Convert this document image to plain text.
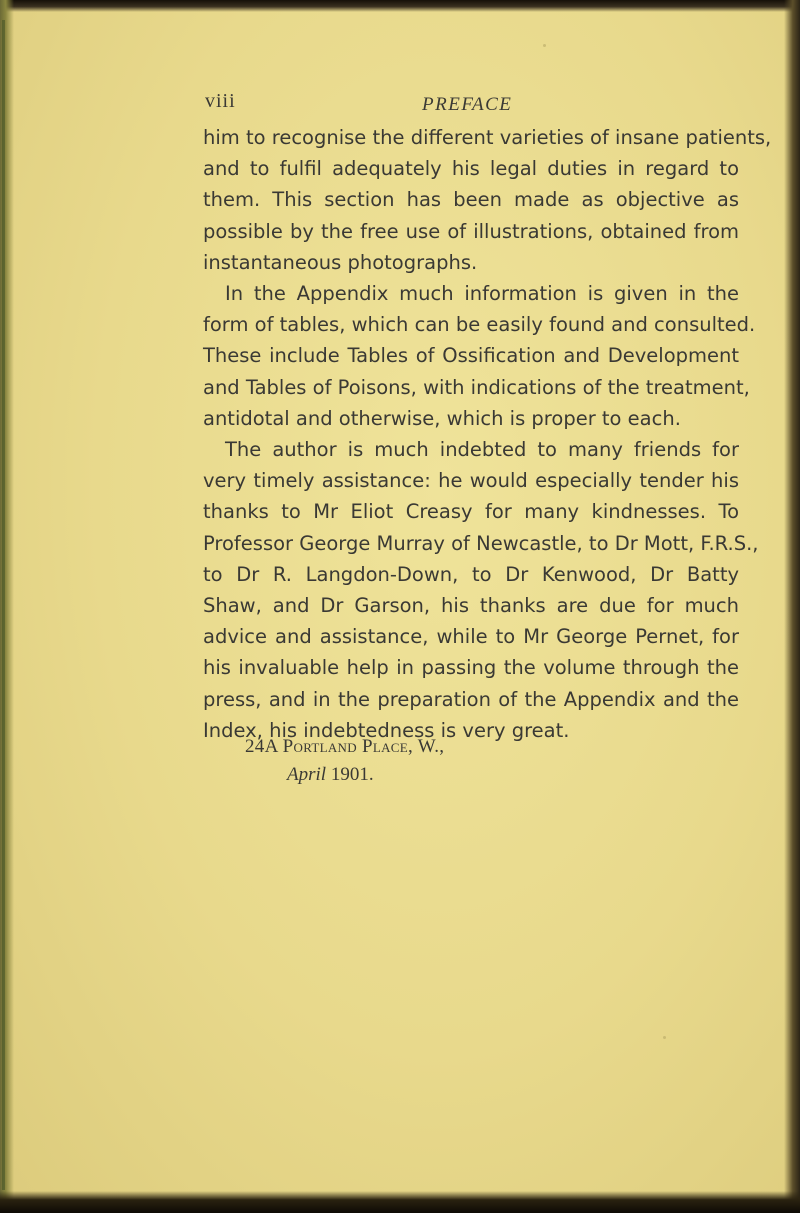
viii	PREFACE

him to recognise the different varieties of insane patients,
and to fulfil adequately his legal duties in regard to
them. This section has been made as objective as
possible by the free use of illustrations, obtained from
instantaneous photographs.

In the Appendix much information is given in the
form of tables, which can be easily found and consulted.
These include Tables of Ossification and Development
and Tables of Poisons, with indications of the treatment,
antidotal and otherwise, which is proper to each.

The author is much indebted to many friends for
very timely assistance: he would especially tender his
thanks to Mr Eliot Creasy for many kindnesses. To
Professor George Murray of Newcastle, to Dr Mott, F.R.S.,
to Dr R. Langdon-Down, to Dr Kenwood, Dr Batty
Shaw, and Dr Garson, his thanks are due for much
advice and assistance, while to Mr George Pernet, for
his invaluable help in passing the volume through the
press, and in the preparation of the Appendix and the
Index, his indebtedness is very great.

24A Portland Place, W.,
April 1901.
